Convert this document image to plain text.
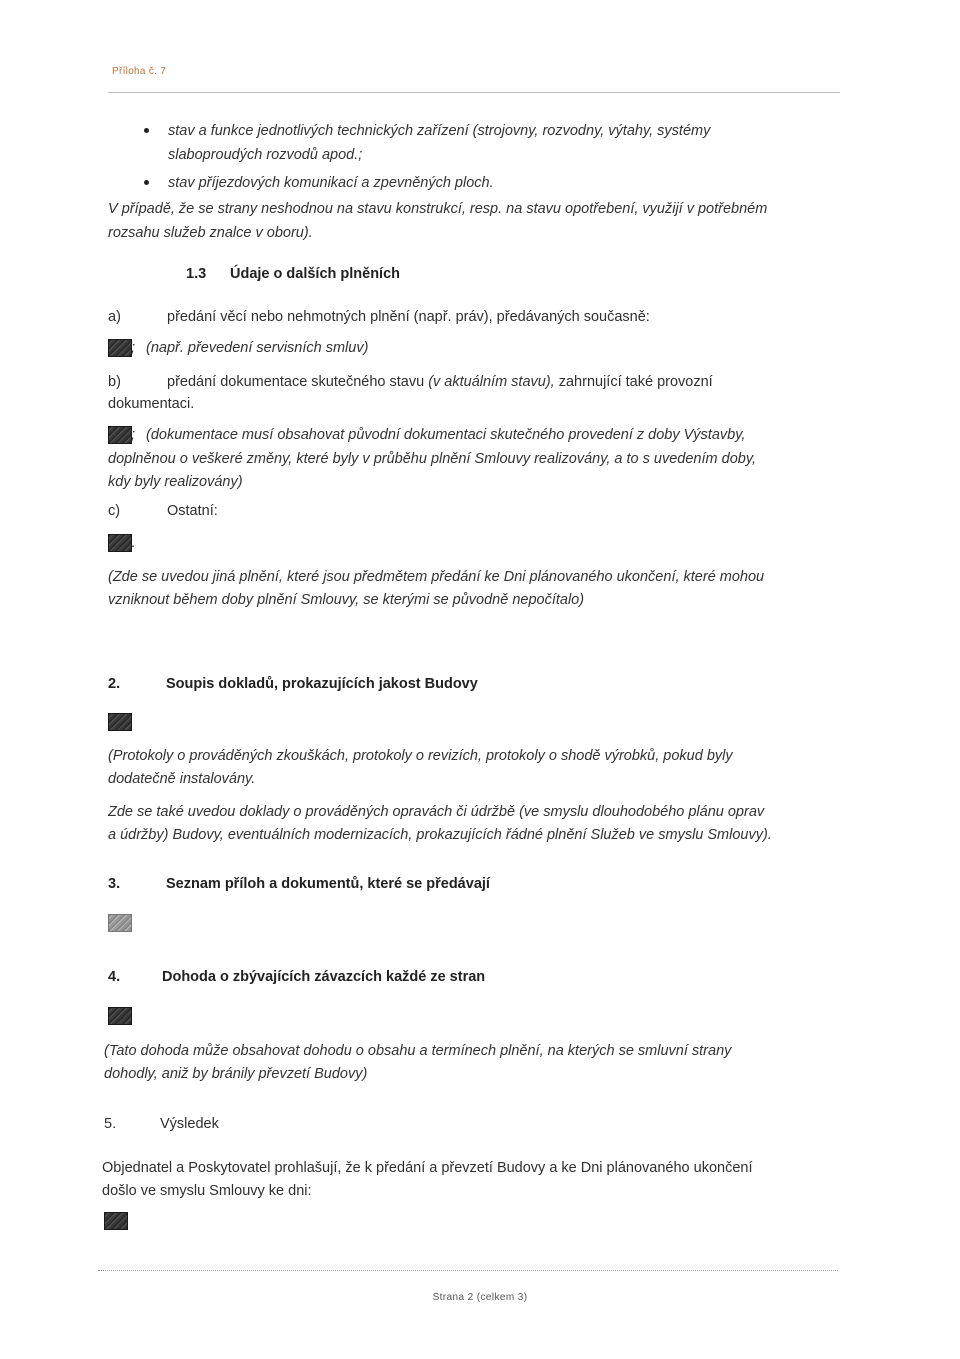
Příloha č. 7
stav a funkce jednotlivých technických zařízení (strojovny, rozvodny, výtahy, systémy
slaboproudých rozvodů apod.;
stav příjezdových komunikací a zpevněných ploch.
V případě, že se strany neshodnou na stavu konstrukcí, resp. na stavu opotřebení, využijí v potřebném
rozsahu služeb znalce v oboru).
1.3 Údaje o dalších plněních
a)	předání věcí nebo nehmotných plnění (např. práv), předávaných současně:
; (např. převedení servisních smluv)
b)	předání dokumentace skutečného stavu (v aktuálním stavu), zahrnující také provozní
dokumentaci.
; (dokumentace musí obsahovat původní dokumentaci skutečného provedení z doby Výstavby,
doplněnou o veškeré změny, které byly v průběhu plnění Smlouvy realizovány, a to s uvedením doby,
kdy byly realizovány)
c)	Ostatní:
.
(Zde se uvedou jiná plnění, které jsou předmětem předání ke Dni plánovaného ukončení, které mohou
vzniknout během doby plnění Smlouvy, se kterými se původně nepočítalo)
2.	Soupis dokladů, prokazujících jakost Budovy
(Protokoly o prováděných zkouškách, protokoly o revizích, protokoly o shodě výrobků, pokud byly
dodatečně instalovány.
Zde se také uvedou doklady o prováděných opravách či údržbě (ve smyslu dlouhodobého plánu oprav
a údržby) Budovy, eventuálních modernizacích, prokazujících řádné plnění Služeb ve smyslu Smlouvy).
3.	Seznam příloh a dokumentů, které se předávají
4.	Dohoda o zbývajících závazcích každé ze stran
(Tato dohoda může obsahovat dohodu o obsahu a termínech plnění, na kterých se smluvní strany
dohodly, aniž by bránily převzetí Budovy)
5.	Výsledek
Objednatel a Poskytovatel prohlašují, že k předání a převzetí Budovy a ke Dni plánovaného ukončení
došlo ve smyslu Smlouvy ke dni:
Strana 2 (celkem 3)
